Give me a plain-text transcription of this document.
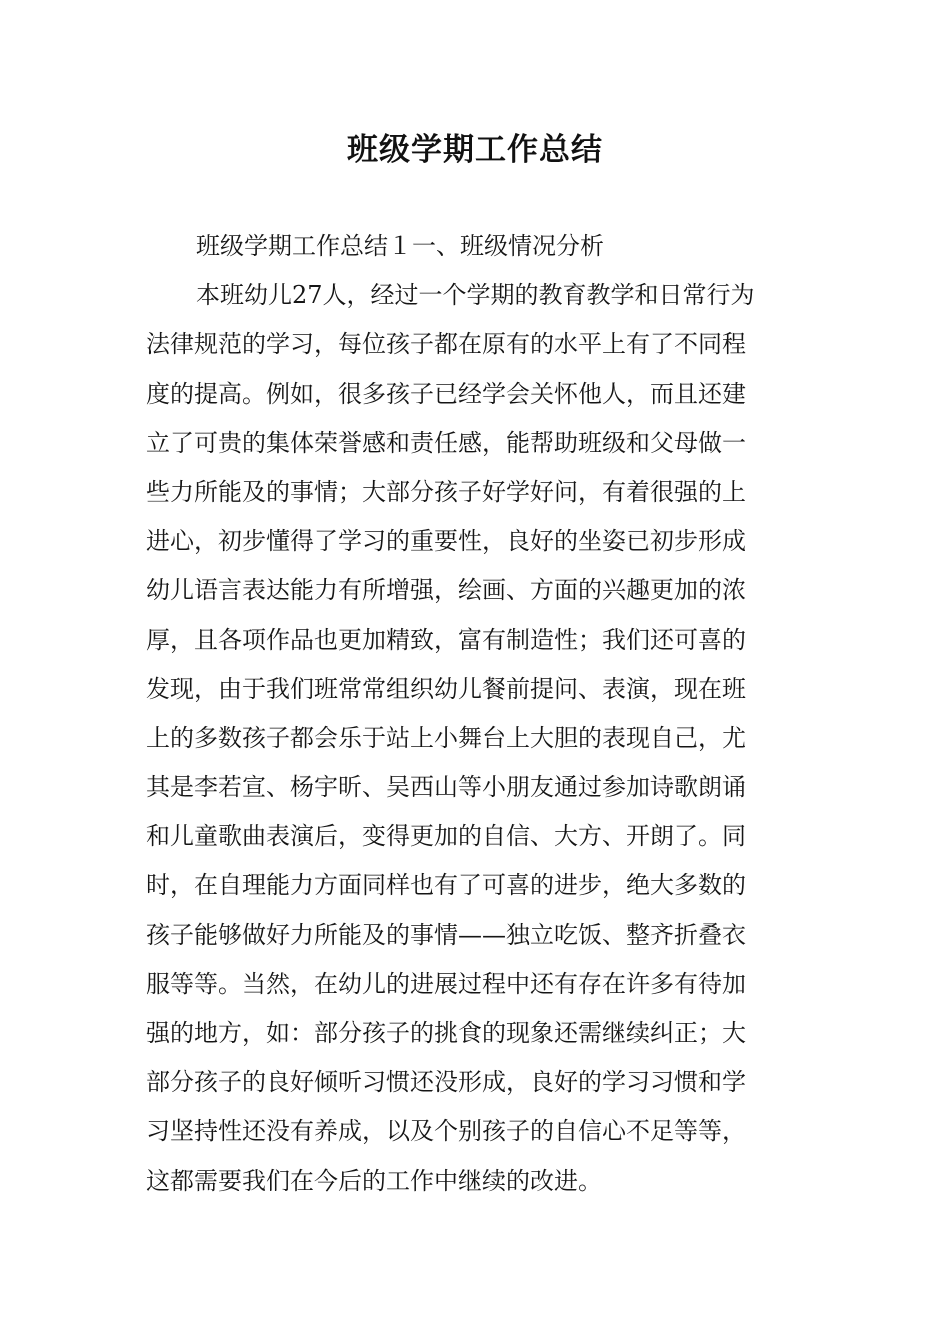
班级学期工作总结
班级学期工作总结１一、班级情况分析
本班幼儿27人，经过一个学期的教育教学和日常行为
法律规范的学习，每位孩子都在原有的水平上有了不同程
度的提高。例如，很多孩子已经学会关怀他人，而且还建
立了可贵的集体荣誉感和责任感，能帮助班级和父母做一
些力所能及的事情；大部分孩子好学好问，有着很强的上
进心，初步懂得了学习的重要性，良好的坐姿已初步形成
幼儿语言表达能力有所增强，绘画、方面的兴趣更加的浓
厚，且各项作品也更加精致，富有制造性；我们还可喜的
发现，由于我们班常常组织幼儿餐前提问、表演，现在班
上的多数孩子都会乐于站上小舞台上大胆的表现自己，尤
其是李若宣、杨宇昕、吴西山等小朋友通过参加诗歌朗诵
和儿童歌曲表演后，变得更加的自信、大方、开朗了。同
时，在自理能力方面同样也有了可喜的进步，绝大多数的
孩子能够做好力所能及的事情——独立吃饭、整齐折叠衣
服等等。当然，在幼儿的进展过程中还有存在许多有待加
强的地方，如：部分孩子的挑食的现象还需继续纠正；大
部分孩子的良好倾听习惯还没形成，良好的学习习惯和学
习坚持性还没有养成，以及个别孩子的自信心不足等等，
这都需要我们在今后的工作中继续的改进。
